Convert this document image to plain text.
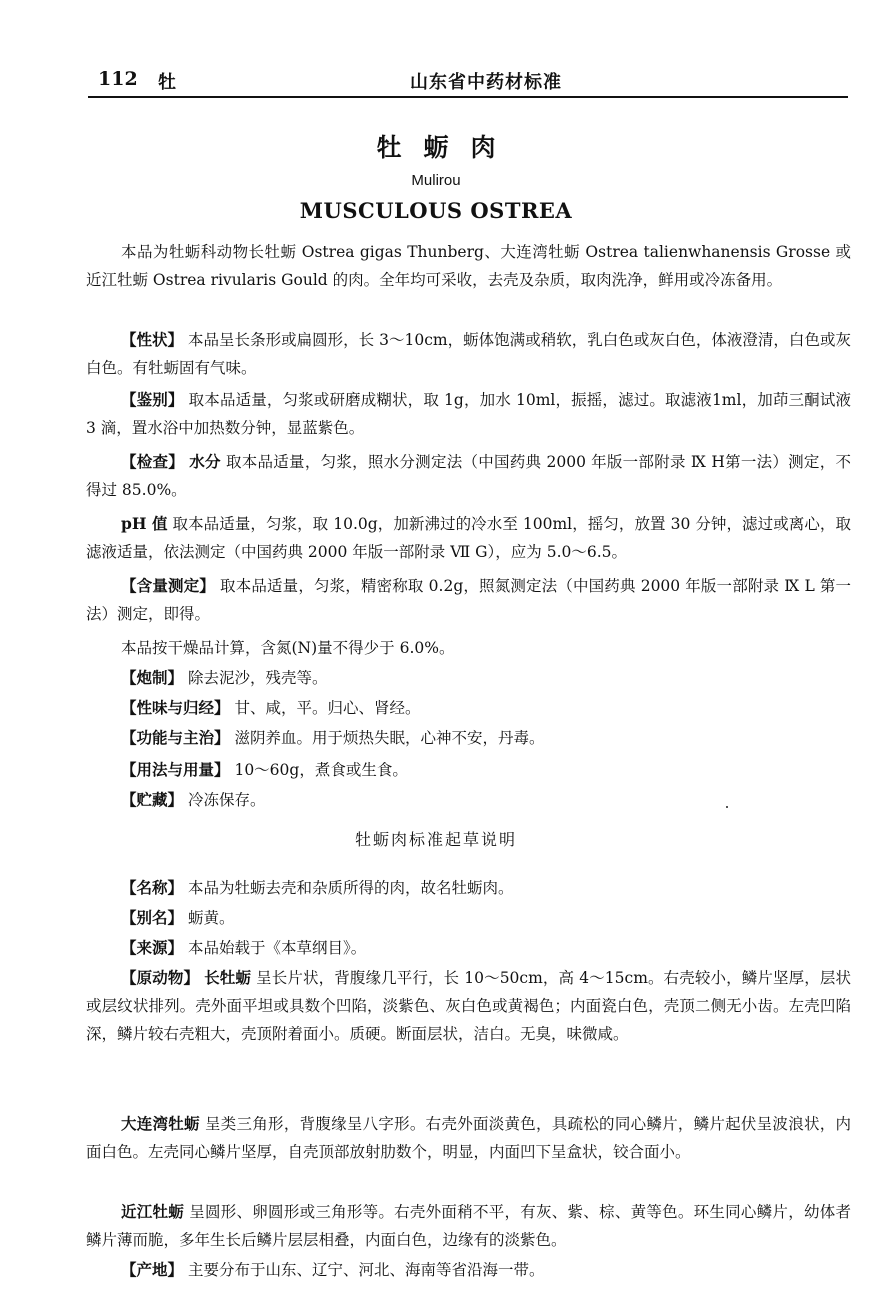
112 牡	山东省中药材标准
牡蛎肉
Mulirou
MUSCULOUS OSTREA
本品为牡蛎科动物长牡蛎 Ostrea gigas Thunberg、大连湾牡蛎 Ostrea talienwhanensis Grosse 或近江牡蛎 Ostrea rivularis Gould 的肉。全年均可采收，去壳及杂质，取肉洗净，鲜用或冷冻备用。
【性状】 本品呈长条形或扁圆形，长 3～10cm，蛎体饱满或稍软，乳白色或灰白色，体液澄清，白色或灰白色。有牡蛎固有气味。
【鉴别】 取本品适量，匀浆或研磨成糊状，取 1g，加水 10ml，振摇，滤过。取滤液1ml，加茚三酮试液 3 滴，置水浴中加热数分钟，显蓝紫色。
【检查】 水分 取本品适量，匀浆，照水分测定法（中国药典 2000 年版一部附录 Ⅸ H第一法）测定，不得过 85.0%。
pH 值 取本品适量，匀浆，取 10.0g，加新沸过的冷水至 100ml，摇匀，放置 30 分钟，滤过或离心，取滤液适量，依法测定（中国药典 2000 年版一部附录 Ⅶ G），应为 5.0～6.5。
【含量测定】 取本品适量，匀浆，精密称取 0.2g，照氮测定法（中国药典 2000 年版一部附录 Ⅸ L 第一法）测定，即得。
本品按干燥品计算，含氮(N)量不得少于 6.0%。
【炮制】 除去泥沙，残壳等。
【性味与归经】 甘、咸，平。归心、肾经。
【功能与主治】 滋阴养血。用于烦热失眠，心神不安，丹毒。
【用法与用量】 10～60g，煮食或生食。
【贮藏】 冷冻保存。
牡蛎肉标准起草说明
【名称】 本品为牡蛎去壳和杂质所得的肉，故名牡蛎肉。
【别名】 蛎黄。
【来源】 本品始载于《本草纲目》。
【原动物】 长牡蛎 呈长片状，背腹缘几平行，长 10～50cm，高 4～15cm。右壳较小，鳞片坚厚，层状或层纹状排列。壳外面平坦或具数个凹陷，淡紫色、灰白色或黄褐色；内面瓷白色，壳顶二侧无小齿。左壳凹陷深，鳞片较右壳粗大，壳顶附着面小。质硬。断面层状，洁白。无臭，味微咸。
大连湾牡蛎 呈类三角形，背腹缘呈八字形。右壳外面淡黄色，具疏松的同心鳞片，鳞片起伏呈波浪状，内面白色。左壳同心鳞片坚厚，自壳顶部放射肋数个，明显，内面凹下呈盒状，铰合面小。
近江牡蛎 呈圆形、卵圆形或三角形等。右壳外面稍不平，有灰、紫、棕、黄等色。环生同心鳞片，幼体者鳞片薄而脆，多年生长后鳞片层层相叠，内面白色，边缘有的淡紫色。
【产地】 主要分布于山东、辽宁、河北、海南等省沿海一带。
